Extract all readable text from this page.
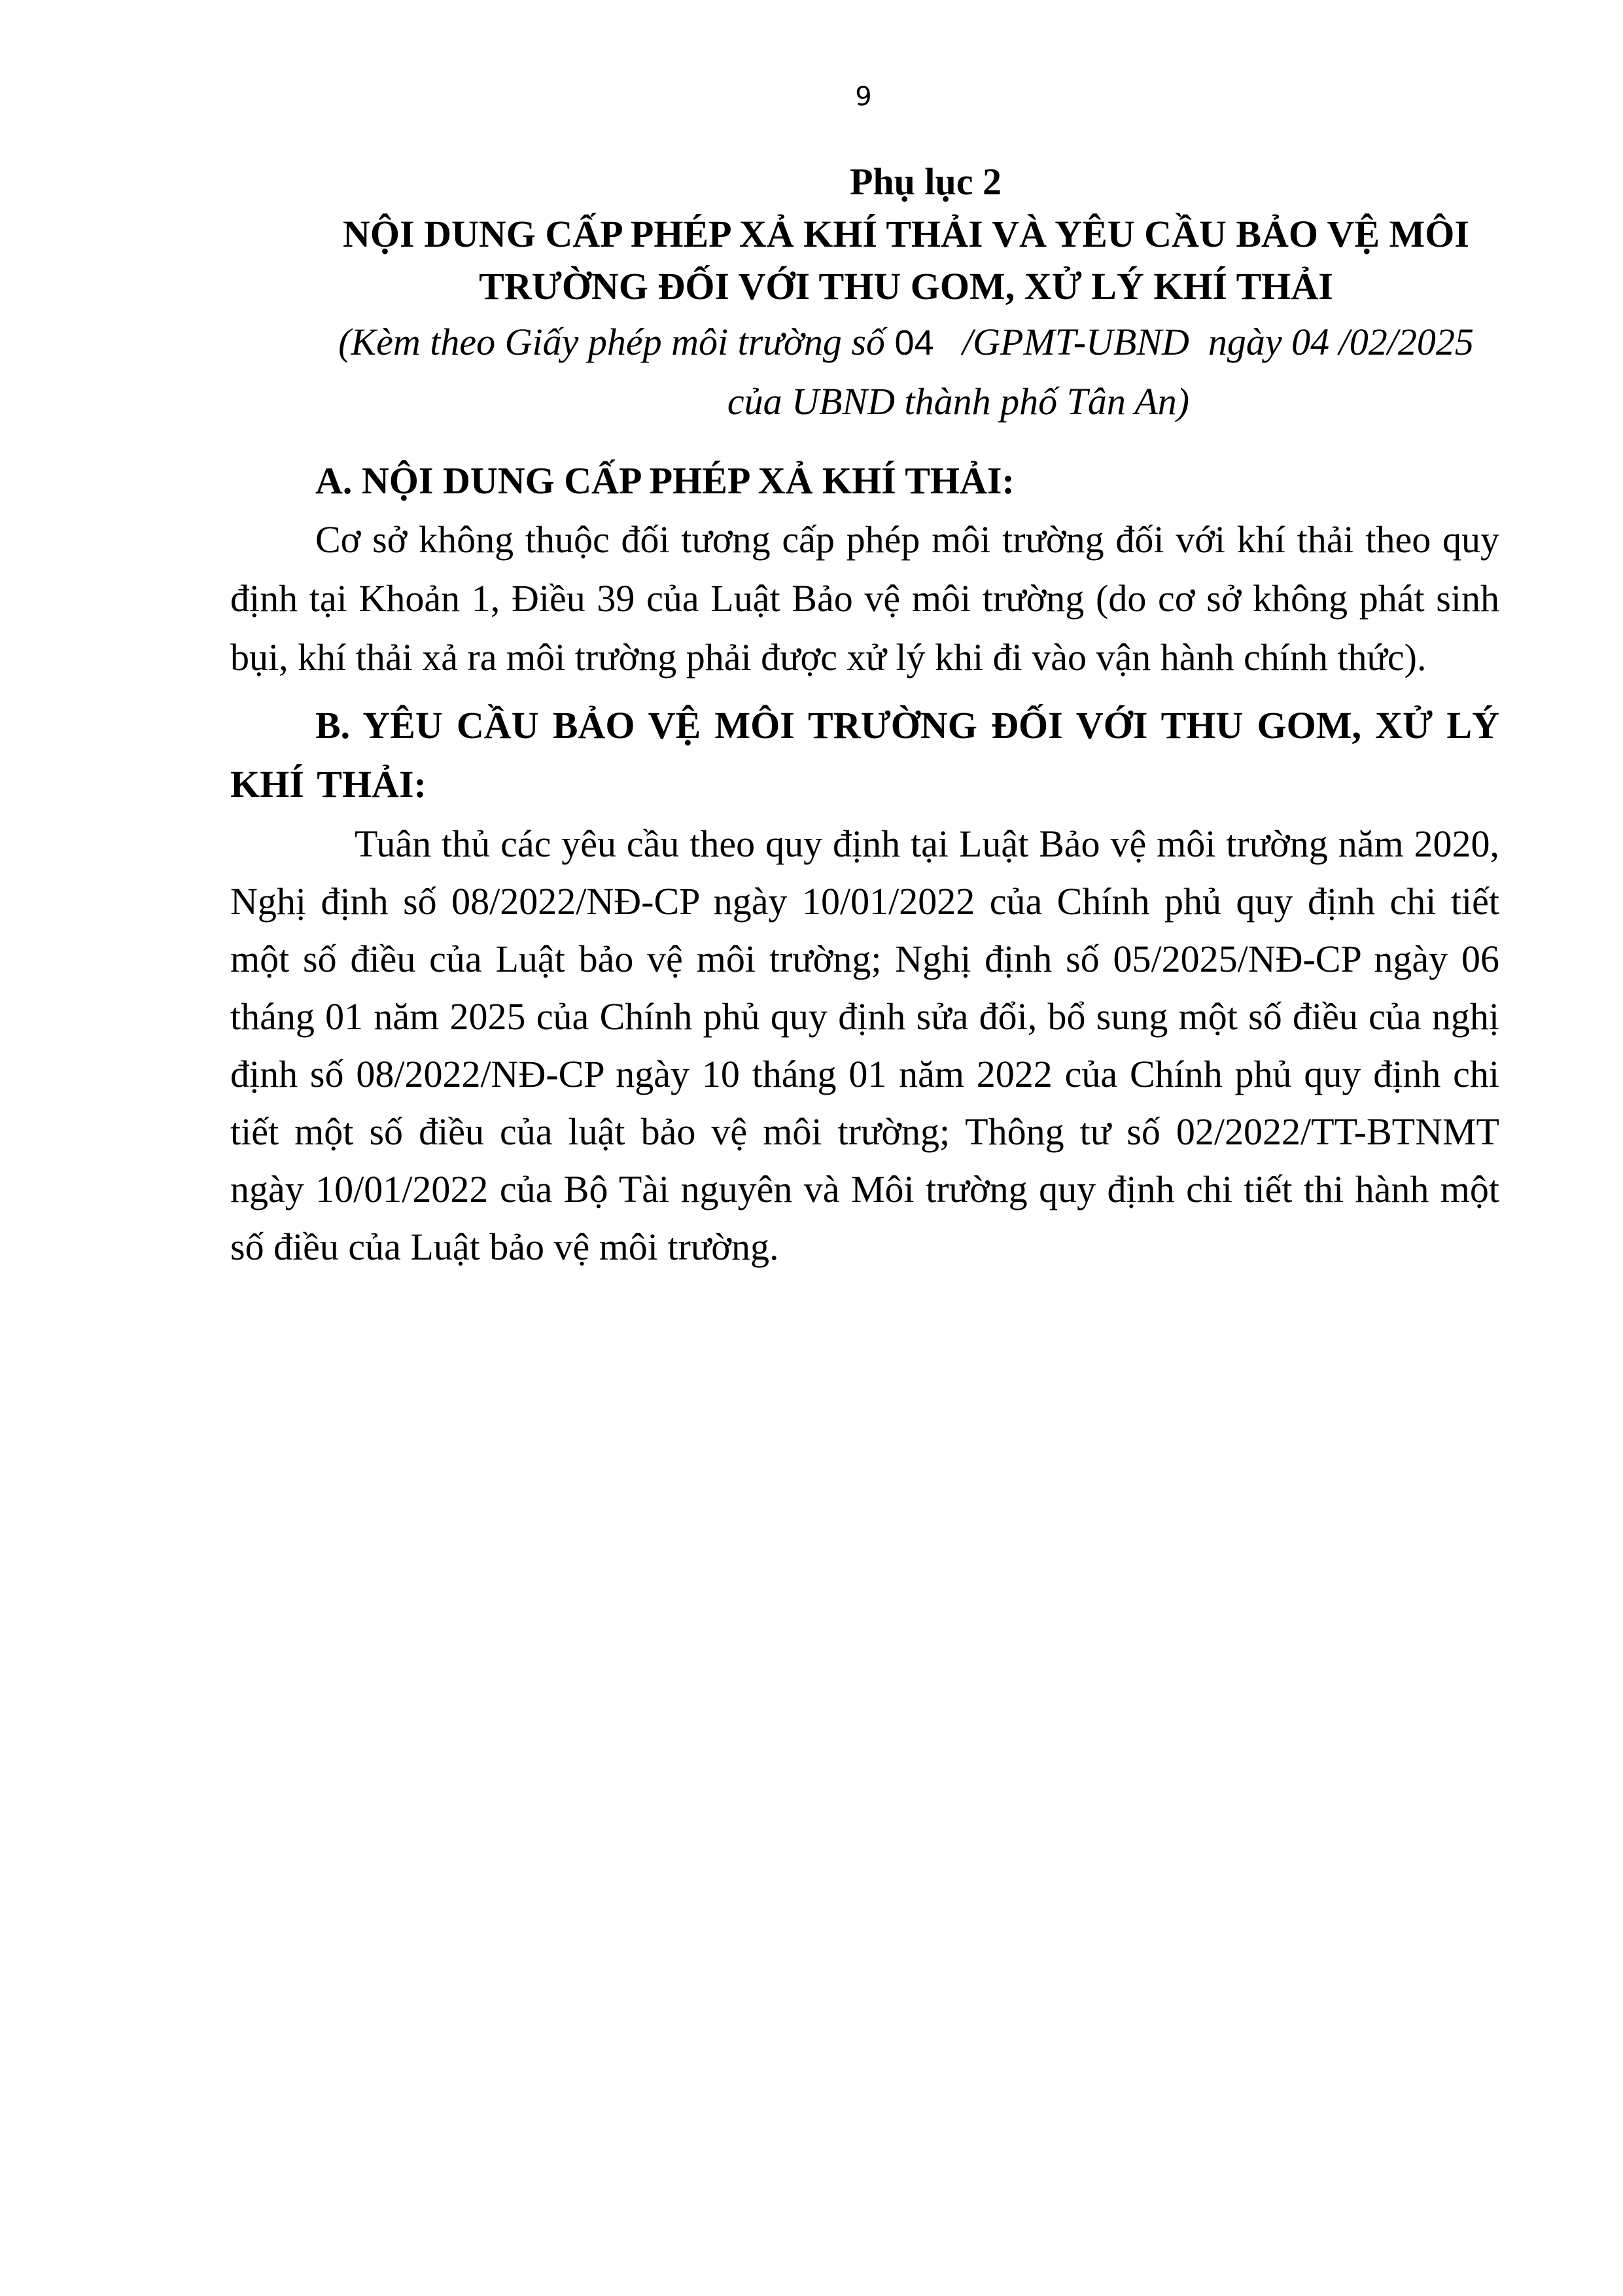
9
Phụ lục 2
NỘI DUNG CẤP PHÉP XẢ KHÍ THẢI VÀ YÊU CẦU BẢO VỆ MÔI
TRƯỜNG ĐỐI VỚI THU GOM, XỬ LÝ KHÍ THẢI
(Kèm theo Giấy phép môi trường số 04   /GPMT-UBND  ngày 04 /02/2025
của UBND thành phố Tân An)

A. NỘI DUNG CẤP PHÉP XẢ KHÍ THẢI:

Cơ sở không thuộc đối tương cấp phép môi trường đối với khí thải theo quy định tại Khoản 1, Điều 39 của Luật Bảo vệ môi trường (do cơ sở không phát sinh bụi, khí thải xả ra môi trường phải được xử lý khi đi vào vận hành chính thức).

B. YÊU CẦU BẢO VỆ MÔI TRƯỜNG ĐỐI VỚI THU GOM, XỬ LÝ KHÍ THẢI:

Tuân thủ các yêu cầu theo quy định tại Luật Bảo vệ môi trường năm 2020, Nghị định số 08/2022/NĐ-CP ngày 10/01/2022 của Chính phủ quy định chi tiết một số điều của Luật bảo vệ môi trường; Nghị định số 05/2025/NĐ-CP ngày 06 tháng 01 năm 2025 của Chính phủ quy định sửa đổi, bổ sung một số điều của nghị định số 08/2022/NĐ-CP ngày 10 tháng 01 năm 2022 của Chính phủ quy định chi tiết một số điều của luật bảo vệ môi trường; Thông tư số 02/2022/TT-BTNMT ngày 10/01/2022 của Bộ Tài nguyên và Môi trường quy định chi tiết thi hành một số điều của Luật bảo vệ môi trường.
